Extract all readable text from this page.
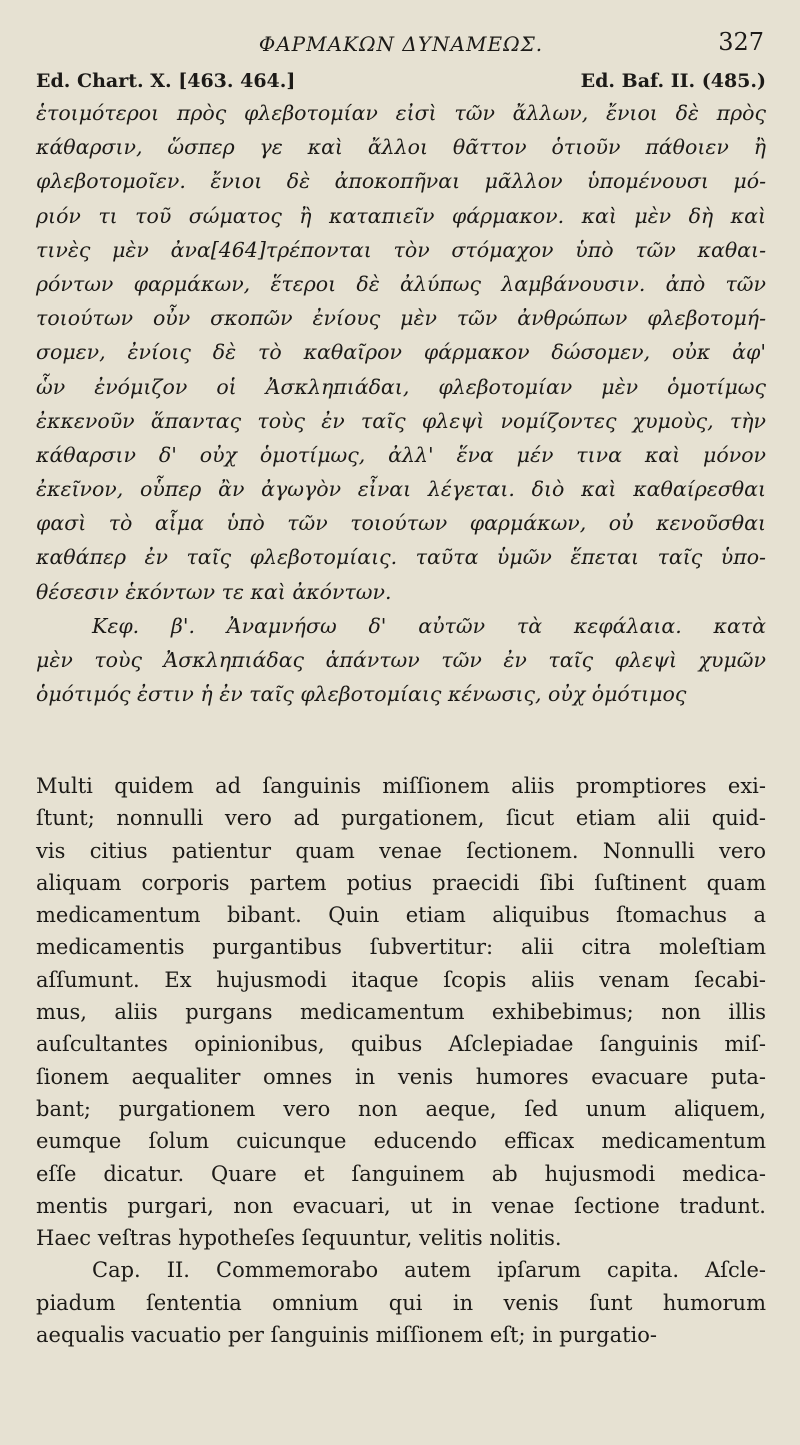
ΦΑΡΜΑΚΩΝ ΔΥΝΑΜΕΩΣ.	327
Ed. Chart. X. [463. 464.]	Ed. Baf. II. (485.)
ἑτοιμότεροι πρὸς φλεβοτομίαν εἰσὶ τῶν ἄλλων, ἔνιοι δὲ πρὸς
κάθαρσιν, ὥσπερ γε καὶ ἄλλοι θᾶττον ὁτιοῦν πάθοιεν ἢ
φλεβοτομοῖεν. ἔνιοι δὲ ἀποκοπῆναι μᾶλλον ὑπομένουσι μό-
ριόν τι τοῦ σώματος ἢ καταπιεῖν φάρμακον. καὶ μὲν δὴ καὶ
τινὲς μὲν ἀνα[464]τρέπονται τὸν στόμαχον ὑπὸ τῶν καθαι-
ρόντων φαρμάκων, ἕτεροι δὲ ἀλύπως λαμβάνουσιν. ἀπὸ τῶν
τοιούτων οὖν σκοπῶν ἐνίους μὲν τῶν ἀνθρώπων φλεβοτομή-
σομεν, ἐνίοις δὲ τὸ καθαῖρον φάρμακον δώσομεν, οὐκ ἀφ'
ὧν ἐνόμιζον οἱ Ἀσκληπιάδαι, φλεβοτομίαν μὲν ὁμοτίμως
ἐκκενοῦν ἅπαντας τοὺς ἐν ταῖς φλεψὶ νομίζοντες χυμοὺς, τὴν
κάθαρσιν δ' οὐχ ὁμοτίμως, ἀλλ' ἕνα μέν τινα καὶ μόνον
ἐκεῖνον, οὗπερ ἂν ἀγωγὸν εἶναι λέγεται. διὸ καὶ καθαίρεσθαι
φασὶ τὸ αἷμα ὑπὸ τῶν τοιούτων φαρμάκων, οὐ κενοῦσθαι
καθάπερ ἐν ταῖς φλεβοτομίαις. ταῦτα ὑμῶν ἕπεται ταῖς ὑπο-
θέσεσιν ἑκόντων τε καὶ ἀκόντων.
Κεφ. β'. Ἀναμνήσω δ' αὐτῶν τὰ κεφάλαια. κατὰ
μὲν τοὺς Ἀσκληπιάδας ἁπάντων τῶν ἐν ταῖς φλεψὶ χυμῶν
ὁμότιμός ἐστιν ἡ ἐν ταῖς φλεβοτομίαις κένωσις, οὐχ ὁμότιμος
Multi quidem ad ſanguinis miſſionem aliis promptiores exi-
ſtunt; nonnulli vero ad purgationem, ſicut etiam alii quid-
vis citius patientur quam venae ſectionem. Nonnulli vero
aliquam corporis partem potius praecidi ſibi ſuſtinent quam
medicamentum bibant. Quin etiam aliquibus ſtomachus a
medicamentis purgantibus ſubvertitur: alii citra moleſtiam
aſſumunt. Ex hujusmodi itaque ſcopis aliis venam ſecabi-
mus, aliis purgans medicamentum exhibebimus; non illis
auſcultantes opinionibus, quibus Aſclepiadae ſanguinis miſ-
ſionem aequaliter omnes in venis humores evacuare puta-
bant; purgationem vero non aeque, ſed unum aliquem,
eumque ſolum cuicunque educendo efficax medicamentum
eſſe dicatur. Quare et ſanguinem ab hujusmodi medica-
mentis purgari, non evacuari, ut in venae ſectione tradunt.
Haec veſtras hypotheſes ſequuntur, velitis nolitis.
Cap. II. Commemorabo autem ipſarum capita. Aſcle-
piadum ſententia omnium qui in venis ſunt humorum
aequalis vacuatio per ſanguinis miſſionem eſt; in purgatio-
